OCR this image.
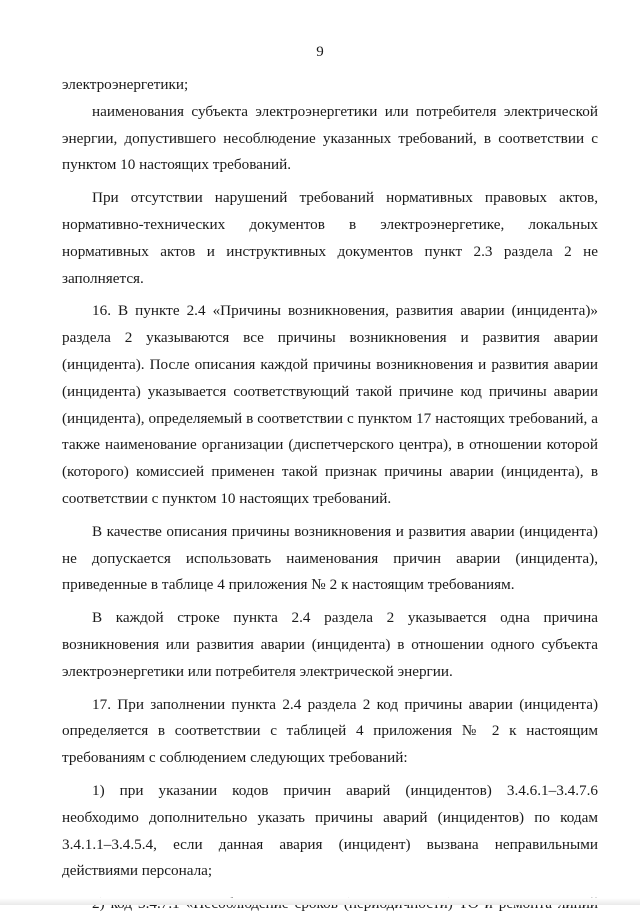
9

электроэнергетики;

наименования субъекта электроэнергетики или потребителя электрической энергии, допустившего несоблюдение указанных требований, в соответствии с пунктом 10 настоящих требований.

При отсутствии нарушений требований нормативных правовых актов, нормативно-технических документов в электроэнергетике, локальных нормативных актов и инструктивных документов пункт 2.3 раздела 2 не заполняется.

16. В пункте 2.4 «Причины возникновения, развития аварии (инцидента)» раздела 2 указываются все причины возникновения и развития аварии (инцидента). После описания каждой причины возникновения и развития аварии (инцидента) указывается соответствующий такой причине код причины аварии (инцидента), определяемый в соответствии с пунктом 17 настоящих требований, а также наименование организации (диспетчерского центра), в отношении которой (которого) комиссией применен такой признак причины аварии (инцидента), в соответствии с пунктом 10 настоящих требований.

В качестве описания причины возникновения и развития аварии (инцидента) не допускается использовать наименования причин аварии (инцидента), приведенные в таблице 4 приложения № 2 к настоящим требованиям.

В каждой строке пункта 2.4 раздела 2 указывается одна причина возникновения или развития аварии (инцидента) в отношении одного субъекта электроэнергетики или потребителя электрической энергии.

17. При заполнении пункта 2.4 раздела 2 код причины аварии (инцидента) определяется в соответствии с таблицей 4 приложения № 2 к настоящим требованиям с соблюдением следующих требований:

1) при указании кодов причин аварий (инцидентов) 3.4.6.1–3.4.7.6 необходимо дополнительно указать причины аварий (инцидентов) по кодам 3.4.1.1–3.4.5.4, если данная авария (инцидент) вызвана неправильными действиями персонала;
